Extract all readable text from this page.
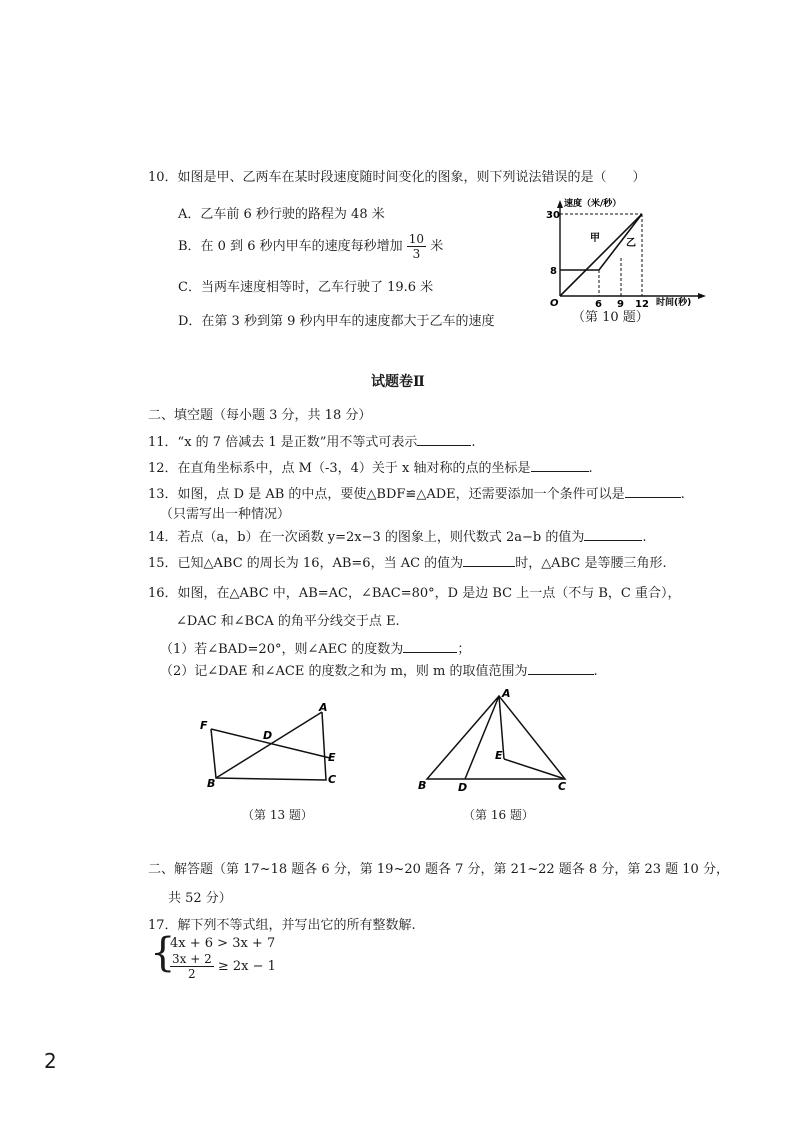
10．如图是甲、乙两车在某时段速度随时间变化的图象，则下列说法错误的是（　　）
A．乙车前 6 秒行驶的路程为 48 米
B．在 0 到 6 秒内甲车的速度每秒增加 $\frac{10}{3}$ 米
C．当两车速度相等时，乙车行驶了 19.6 米
D．在第 3 秒到第 9 秒内甲车的速度都大于乙车的速度
速度（米/秒）
30
8
O	6 9 12 时间(秒)
甲	乙
（第 10 题）
试题卷Ⅱ
二、填空题（每小题 3 分，共 18 分）
11．“x 的 7 倍减去 1 是正数”用不等式可表示	.
12．在直角坐标系中，点 M（-3，4）关于 x 轴对称的点的坐标是	.
13．如图，点 D 是 AB 的中点，要使△BDF≌△ADE，还需要添加一个条件可以是	.
（只需写出一种情况）
14．若点（a，b）在一次函数 y=2x−3 的图象上，则代数式 2a−b 的值为	.
15．已知△ABC 的周长为 16，AB=6，当 AC 的值为	时，△ABC 是等腰三角形.
16．如图，在△ABC 中，AB=AC，∠BAC=80°，D 是边 BC 上一点（不与 B，C 重合），
∠DAC 和∠BCA 的角平分线交于点 E.
（1）若∠BAD=20°，则∠AEC 的度数为	；
（2）记∠DAE 和∠ACE 的度数之和为 m，则 m 的取值范围为	.
F
A
D
E
B	C
（第 13 题）
A
E
B	D	C
（第 16 题）
二、解答题（第 17~18 题各 6 分，第 19~20 题各 7 分，第 21~22 题各 8 分，第 23 题 10 分，
共 52 分）
17．解下列不等式组，并写出它的所有整数解.
{
4x + 6 > 3x + 7
$\frac{3x + 2}{2} \ge 2x - 1$
2
